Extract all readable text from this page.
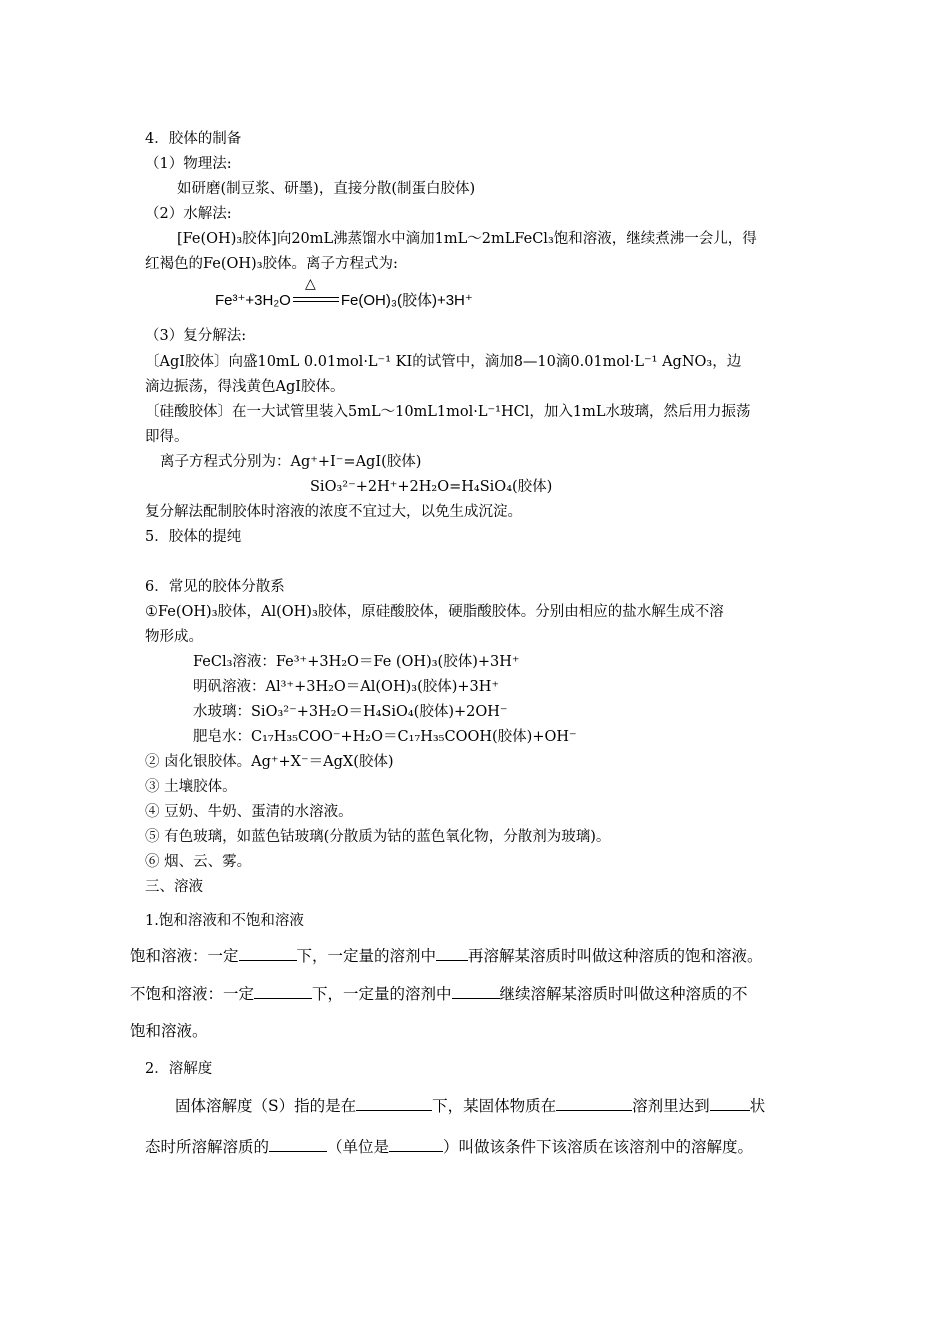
4．胶体的制备
（1）物理法:
如研磨(制豆浆、研墨)，直接分散(制蛋白胶体)
（2）水解法:
[Fe(OH)₃胶体]向20mL沸蒸馏水中滴加1mL～2mLFeCl₃饱和溶液，继续煮沸一会儿，得
红褐色的Fe(OH)₃胶体。离子方程式为:
△
Fe³⁺+3H₂O	Fe(OH)₃(胶体)+3H⁺
（3）复分解法:
〔AgI胶体〕向盛10mL 0.01mol·L⁻¹ KI的试管中，滴加8—10滴0.01mol·L⁻¹ AgNO₃，边
滴边振荡，得浅黄色AgI胶体。
〔硅酸胶体〕在一大试管里装入5mL～10mL1mol·L⁻¹HCl，加入1mL水玻璃，然后用力振荡
即得。
离子方程式分别为：Ag⁺+I⁻=AgI(胶体)
SiO₃²⁻+2H⁺+2H₂O=H₄SiO₄(胶体)
复分解法配制胶体时溶液的浓度不宜过大，以免生成沉淀。
5．胶体的提纯
6．常见的胶体分散系
①Fe(OH)₃胶体，Al(OH)₃胶体，原硅酸胶体，硬脂酸胶体。分别由相应的盐水解生成不溶
物形成。
FeCl₃溶液：Fe³⁺+3H₂O＝Fe (OH)₃(胶体)+3H⁺
明矾溶液：Al³⁺+3H₂O＝Al(OH)₃(胶体)+3H⁺
水玻璃：SiO₃²⁻+3H₂O＝H₄SiO₄(胶体)+2OH⁻
肥皂水：C₁₇H₃₅COO⁻+H₂O＝C₁₇H₃₅COOH(胶体)+OH⁻
② 卤化银胶体。Ag⁺+X⁻＝AgX(胶体)
③ 土壤胶体。
④ 豆奶、牛奶、蛋清的水溶液。
⑤ 有色玻璃，如蓝色钴玻璃(分散质为钴的蓝色氧化物，分散剂为玻璃)。
⑥ 烟、云、雾。
三、溶液
1.饱和溶液和不饱和溶液
饱和溶液：一定	下，一定量的溶剂中 再溶解某溶质时叫做这种溶质的饱和溶液。
不饱和溶液：一定	下，一定量的溶剂中	继续溶解某溶质时叫做这种溶质的不
饱和溶液。
2．溶解度
固体溶解度（S）指的是在	下，某固体物质在	溶剂里达到	状
态时所溶解溶质的	（单位是	）叫做该条件下该溶质在该溶剂中的溶解度。
